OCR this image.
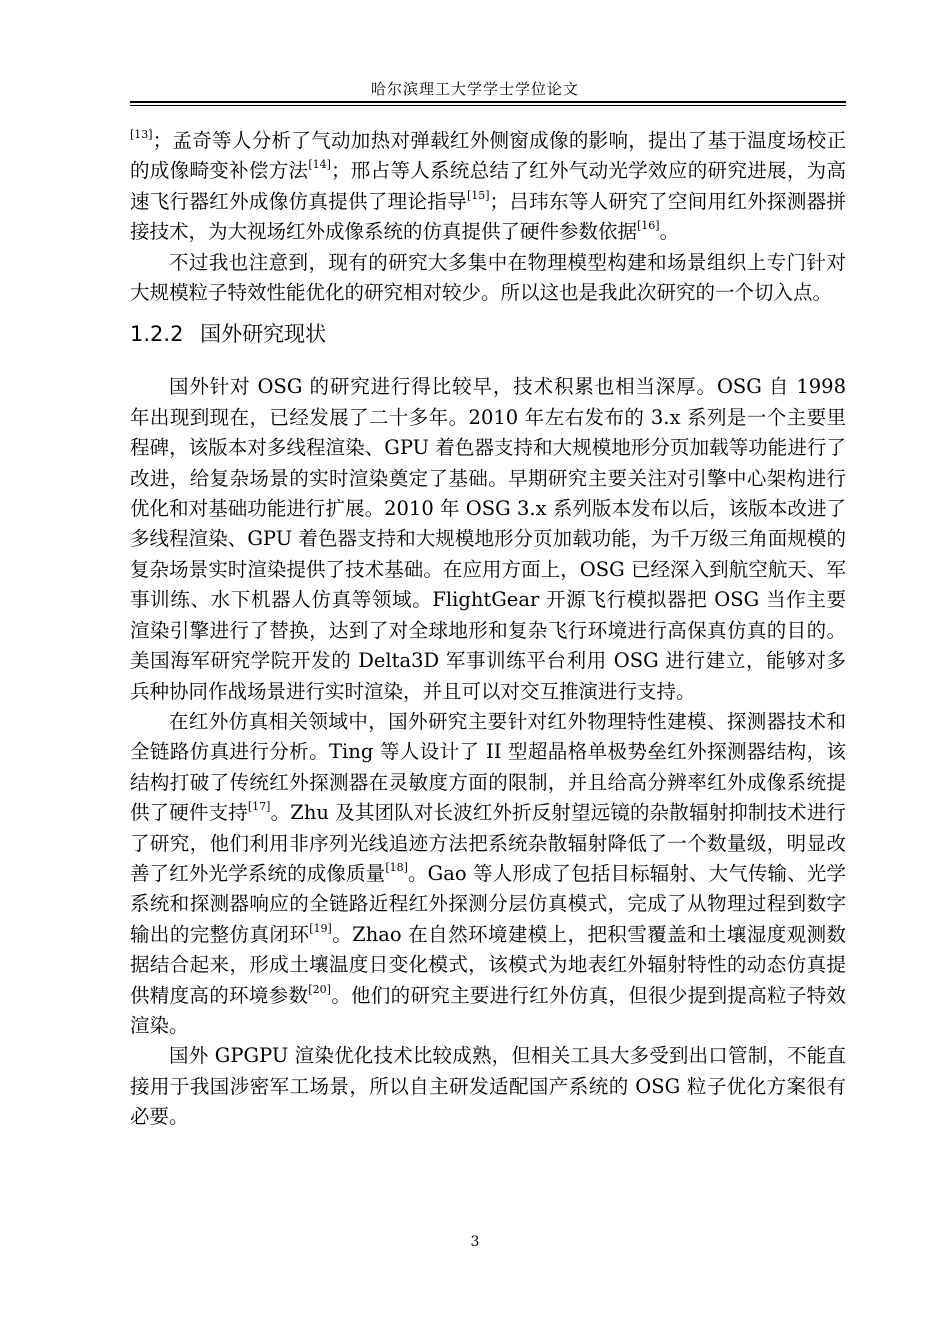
哈尔滨理工大学学士学位论文

[13]；孟奇等人分析了气动加热对弹载红外侧窗成像的影响，提出了基于温度场校正的成像畸变补偿方法[14]；邢占等人系统总结了红外气动光学效应的研究进展，为高速飞行器红外成像仿真提供了理论指导[15]；吕玮东等人研究了空间用红外探测器拼接技术，为大视场红外成像系统的仿真提供了硬件参数依据[16]。

不过我也注意到，现有的研究大多集中在物理模型构建和场景组织上专门针对大规模粒子特效性能优化的研究相对较少。所以这也是我此次研究的一个切入点。

1.2.2 国外研究现状

国外针对 OSG 的研究进行得比较早，技术积累也相当深厚。OSG 自 1998 年出现到现在，已经发展了二十多年。2010 年左右发布的 3.x 系列是一个主要里程碑，该版本对多线程渲染、GPU 着色器支持和大规模地形分页加载等功能进行了改进，给复杂场景的实时渲染奠定了基础。早期研究主要关注对引擎中心架构进行优化和对基础功能进行扩展。2010 年 OSG 3.x 系列版本发布以后，该版本改进了多线程渲染、GPU 着色器支持和大规模地形分页加载功能，为千万级三角面规模的复杂场景实时渲染提供了技术基础。在应用方面上，OSG 已经深入到航空航天、军事训练、水下机器人仿真等领域。FlightGear 开源飞行模拟器把 OSG 当作主要渲染引擎进行了替换，达到了对全球地形和复杂飞行环境进行高保真仿真的目的。美国海军研究学院开发的 Delta3D 军事训练平台利用 OSG 进行建立，能够对多兵种协同作战场景进行实时渲染，并且可以对交互推演进行支持。

在红外仿真相关领域中，国外研究主要针对红外物理特性建模、探测器技术和全链路仿真进行分析。Ting 等人设计了 II 型超晶格单极势垒红外探测器结构，该结构打破了传统红外探测器在灵敏度方面的限制，并且给高分辨率红外成像系统提供了硬件支持[17]。Zhu 及其团队对长波红外折反射望远镜的杂散辐射抑制技术进行了研究，他们利用非序列光线追迹方法把系统杂散辐射降低了一个数量级，明显改善了红外光学系统的成像质量[18]。Gao 等人形成了包括目标辐射、大气传输、光学系统和探测器响应的全链路近程红外探测分层仿真模式，完成了从物理过程到数字输出的完整仿真闭环[19]。Zhao 在自然环境建模上，把积雪覆盖和土壤湿度观测数据结合起来，形成土壤温度日变化模式，该模式为地表红外辐射特性的动态仿真提供精度高的环境参数[20]。他们的研究主要进行红外仿真，但很少提到提高粒子特效渲染。

国外 GPGPU 渲染优化技术比较成熟，但相关工具大多受到出口管制，不能直接用于我国涉密军工场景，所以自主研发适配国产系统的 OSG 粒子优化方案很有必要。

3
